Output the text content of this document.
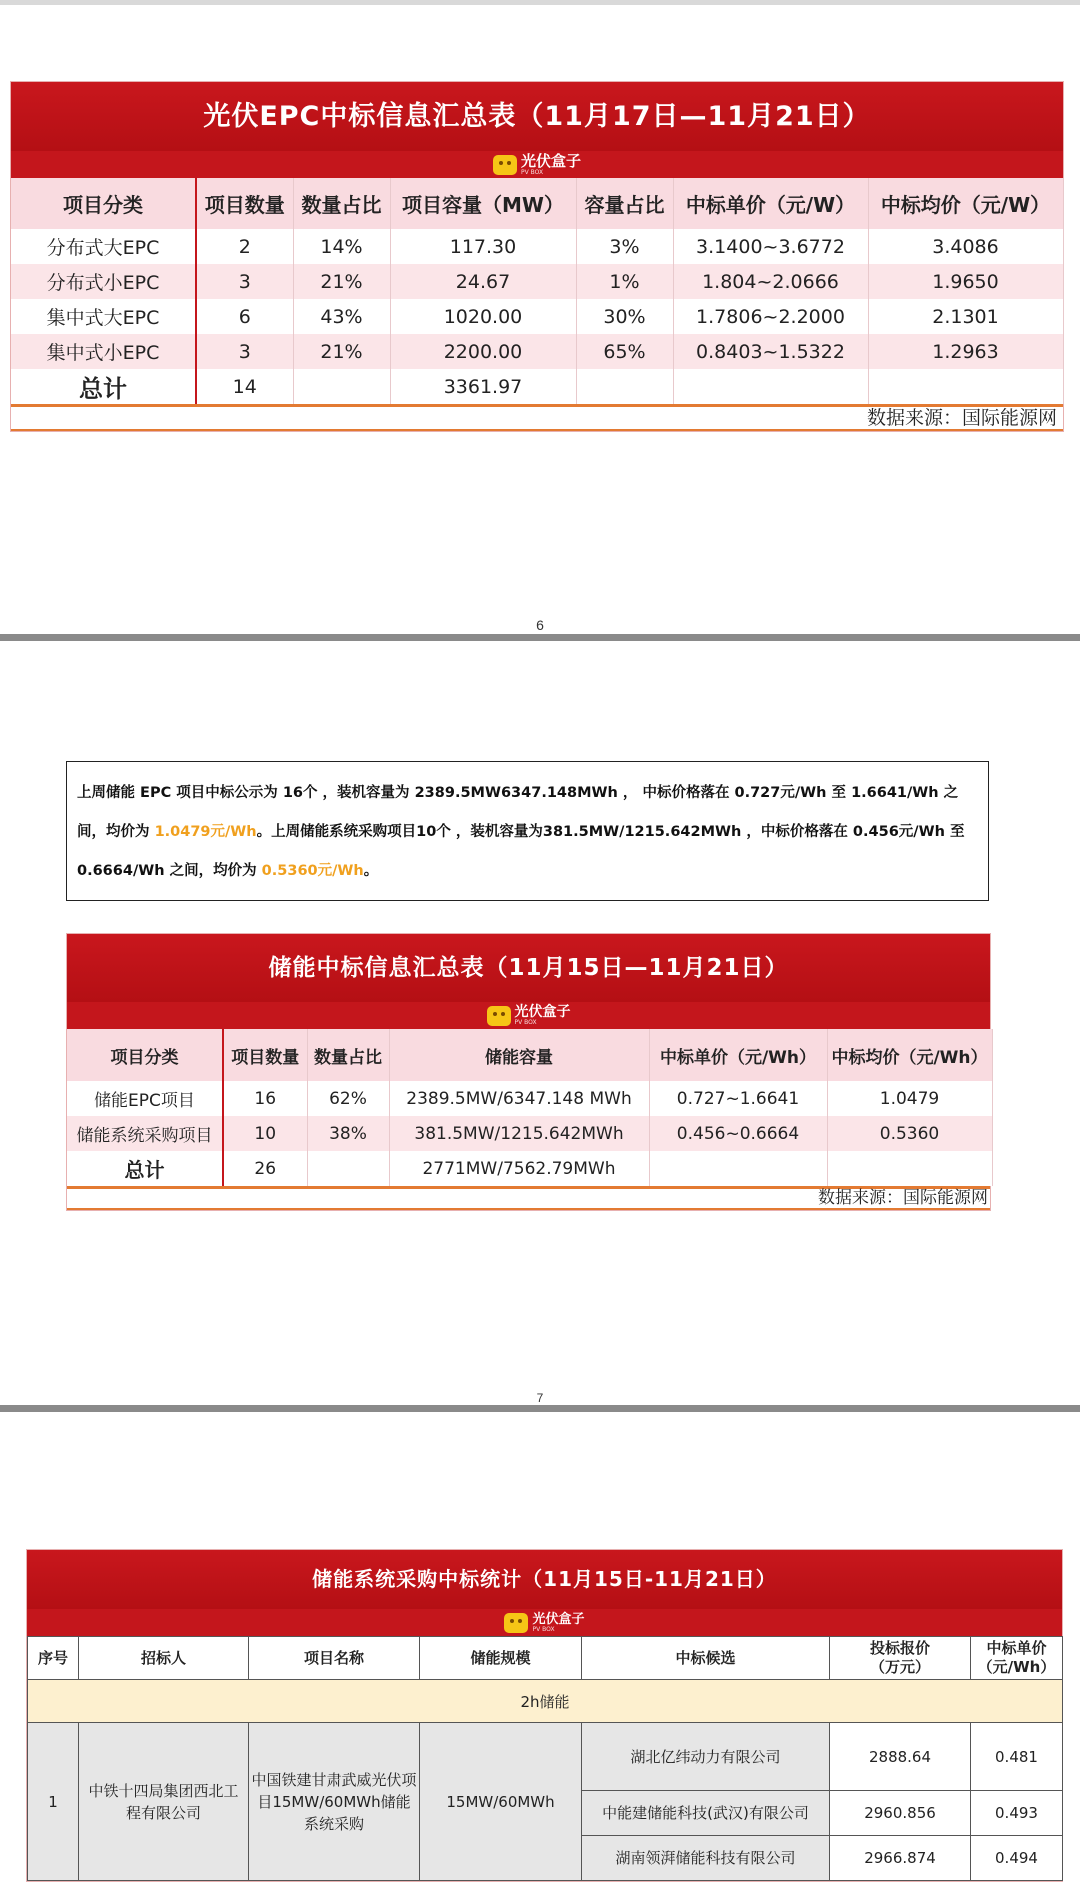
光伏EPC中标信息汇总表（11月17日—11月21日）
光伏盒子
PV BOX
项目分类	项目数量	数量占比	项目容量（MW）	容量占比	中标单价（元/W）	中标均价（元/W）
分布式大EPC	2	14%	117.30	3%	3.1400~3.6772	3.4086
分布式小EPC	3	21%	24.67	1%	1.804~2.0666	1.9650
集中式大EPC	6	43%	1020.00	30%	1.7806~2.2000	2.1301
集中式小EPC	3	21%	2200.00	65%	0.8403~1.5322	1.2963
总计	14		3361.97			
数据来源：国际能源网
6
上周储能 EPC 项目中标公示为 16个 ，装机容量为 2389.5MW6347.148MWh ， 中标价格落在 0.727元/Wh 至 1.6641/Wh 之间，均价为 1.0479元/Wh。上周储能系统采购项目10个 ，装机容量为381.5MW/1215.642MWh ，中标价格落在 0.456元/Wh 至 0.6664/Wh 之间，均价为 0.5360元/Wh。
储能中标信息汇总表（11月15日—11月21日）
光伏盒子
PV BOX
项目分类	项目数量	数量占比	储能容量	中标单价（元/Wh）	中标均价（元/Wh）
储能EPC项目	16	62%	2389.5MW/6347.148 MWh	0.727~1.6641	1.0479
储能系统采购项目	10	38%	381.5MW/1215.642MWh	0.456~0.6664	0.5360
总计	26		2771MW/7562.79MWh		
数据来源：国际能源网
7
储能系统采购中标统计（11月15日-11月21日）
光伏盒子
PV BOX
序号	招标人	项目名称	储能规模	中标候选	投标报价
（万元）	中标单价
（元/Wh）
2h储能						
1	中铁十四局集团西北工程有限公司	中国铁建甘肃武威光伏项目15MW/60MWh储能系统采购	15MW/60MWh	湖北亿纬动力有限公司	2888.64	0.481
				中能建储能科技(武汉)有限公司	2960.856	0.493
				湖南领湃储能科技有限公司	2966.874	0.494
